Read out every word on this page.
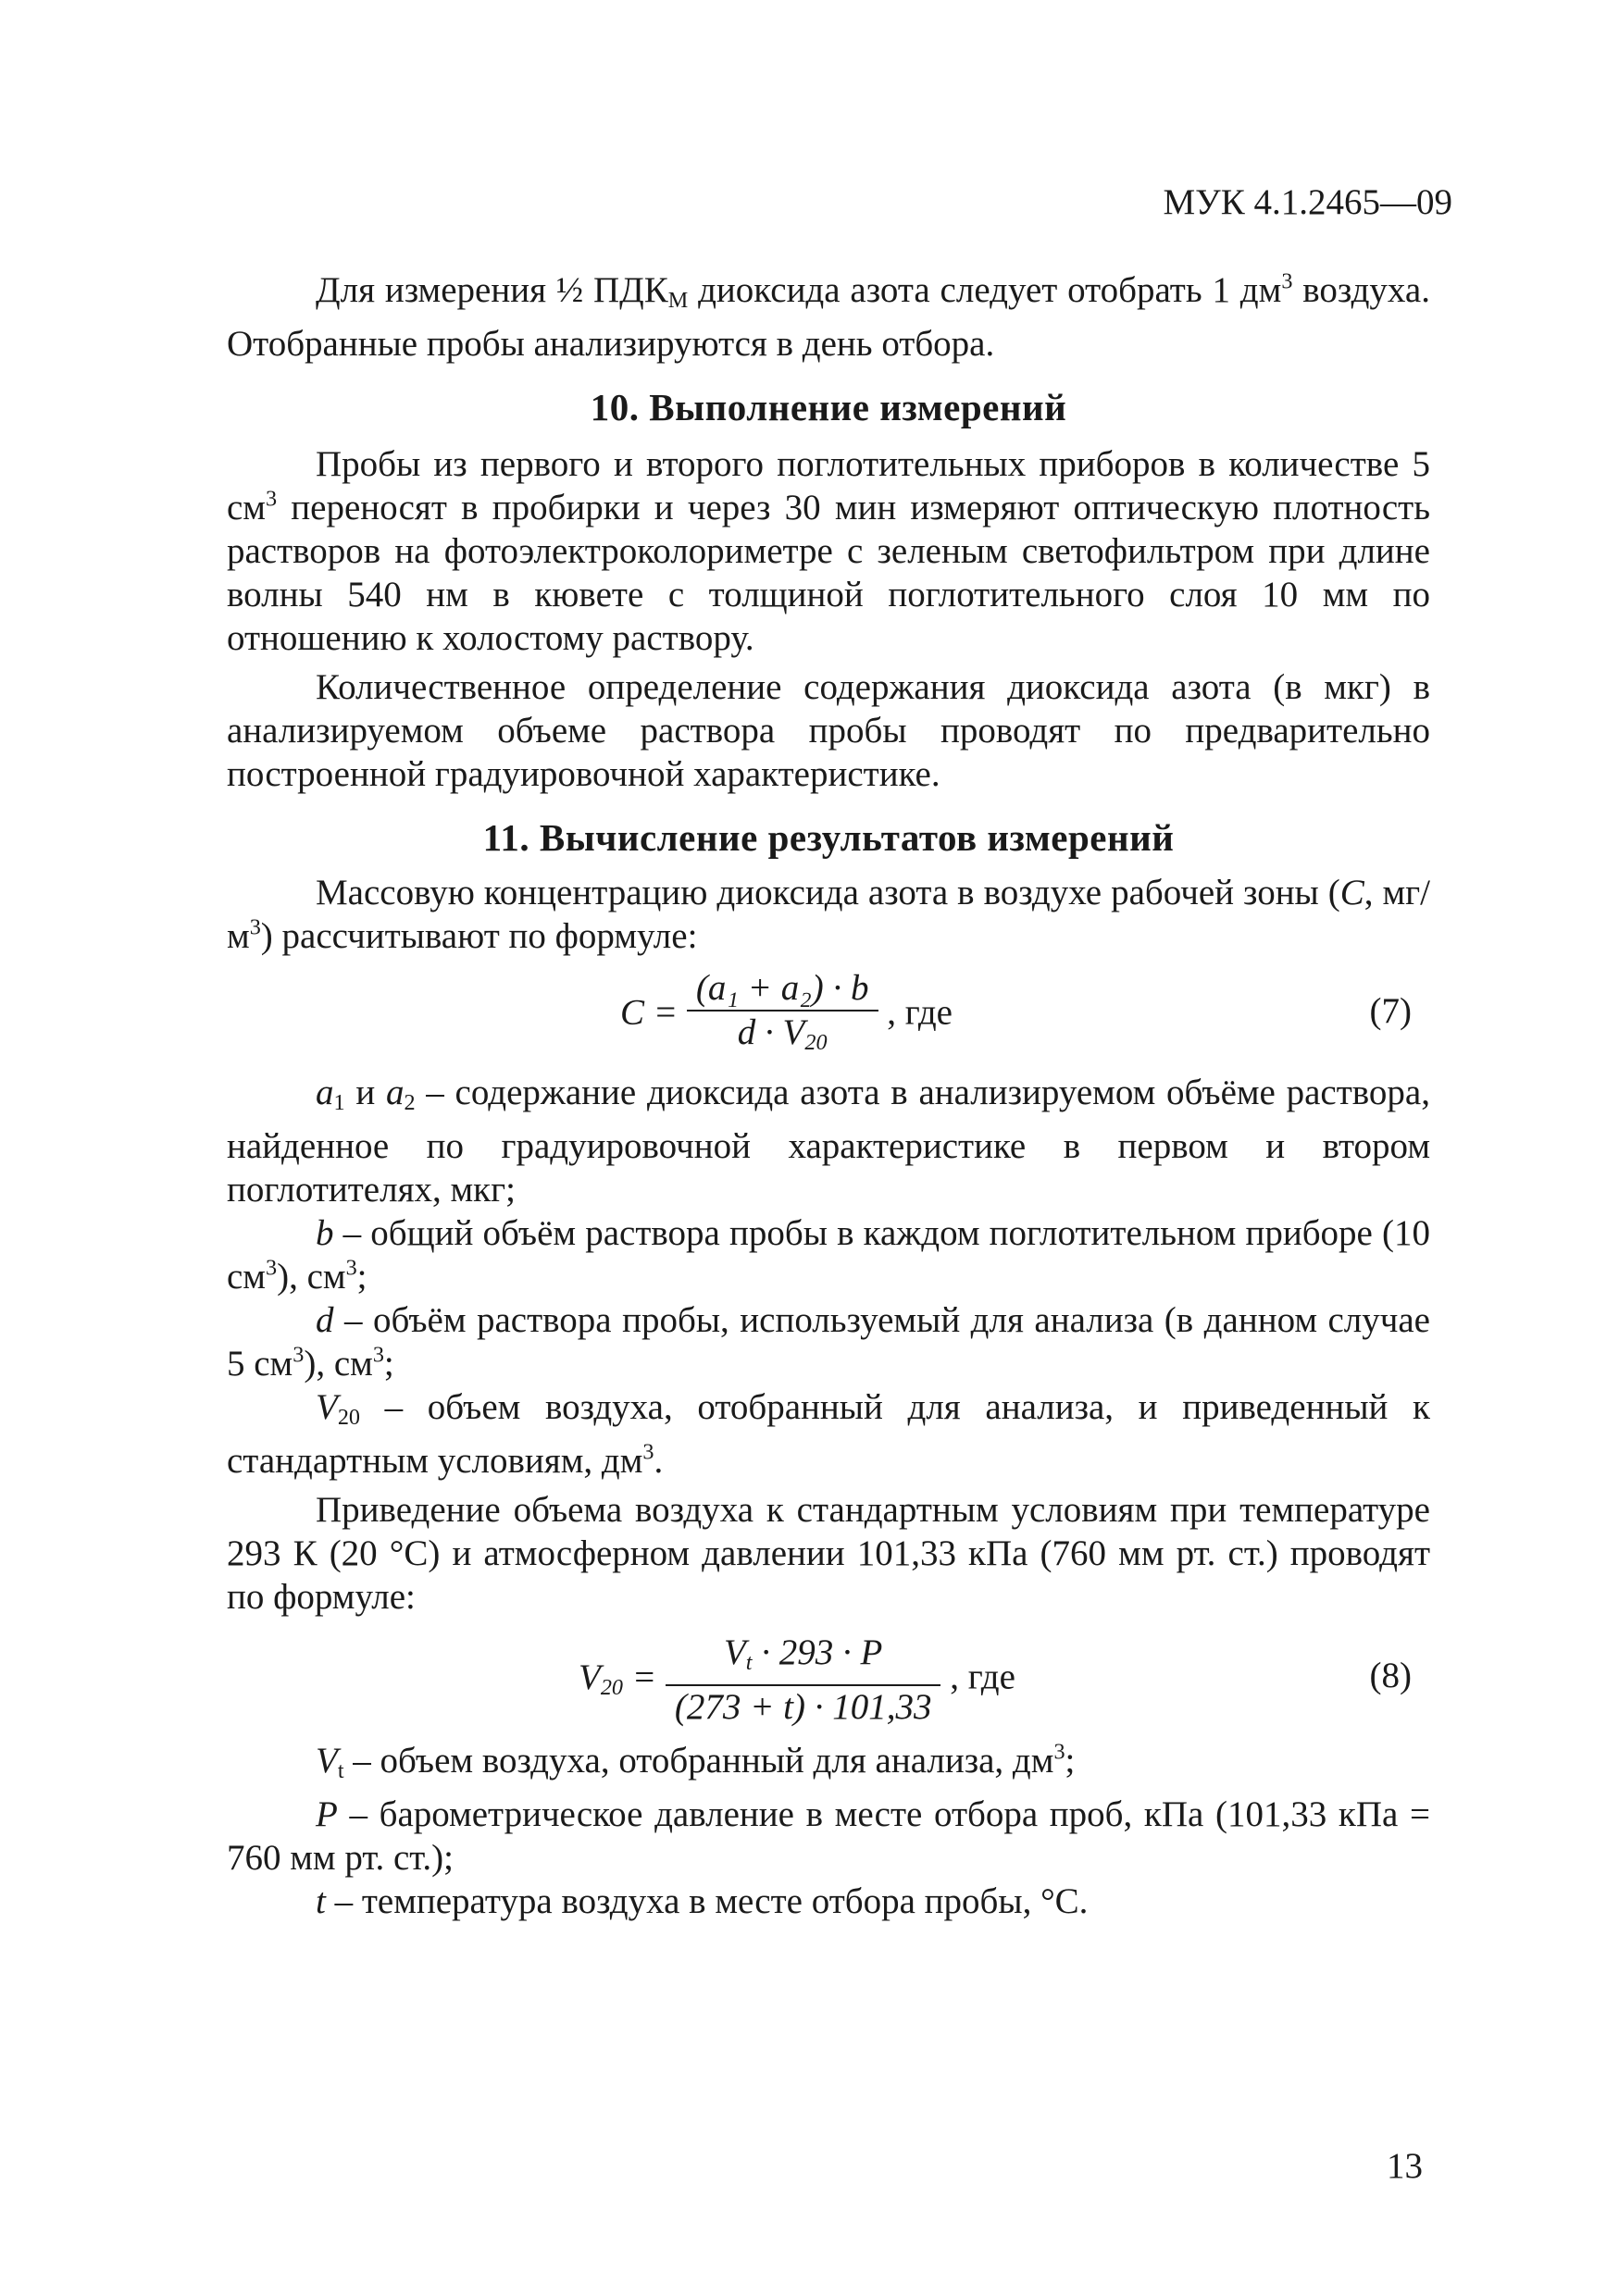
МУК 4.1.2465—09

Для измерения ½ $ПДК_М$ диоксида азота следует отобрать 1 $дм^3$ воздуха. Отобранные пробы анализируются в день отбора.

10. Выполнение измерений

Пробы из первого и второго поглотительных приборов в количестве 5 $см^3$ переносят в пробирки и через 30 мин измеряют оптическую плотность растворов на фотоэлектроколориметре с зеленым светофильтром при длине волны 540 нм в кювете с толщиной поглотительного слоя 10 мм по отношению к холостому раствору.

Количественное определение содержания диоксида азота (в мкг) в анализируемом объеме раствора пробы проводят по предварительно построенной градуировочной характеристике.

11. Вычисление результатов измерений

Массовую концентрацию диоксида азота в воздухе рабочей зоны (C, $мг/м^3$) рассчитывают по формуле:

$C = \frac{\text{(a₁ + a₂) · b}}{d \cdot V_{20}}$ , где	(7)

$a_1$ и $a_2$ – содержание диоксида азота в анализируемом объёме раствора, найденное по градуировочной характеристике в первом и втором поглотителях, мкг;

b – общий объём раствора пробы в каждом поглотительном приборе (10 $см^3$), $см^3$;

d – объём раствора пробы, используемый для анализа (в данном случае 5 $см^3$), $см^3$;

$V_{20}$ – объем воздуха, отобранный для анализа, и приведенный к стандартным условиям, $дм^3$.

Приведение объема воздуха к стандартным условиям при температуре 293 К (20 °С) и атмосферном давлении 101,33 кПа (760 мм рт. ст.) проводят по формуле:

$V_{20} = \frac{V_t \cdot 293 \cdot P}{(273 + t) \cdot 101,33}$ , где	(8)

$V_t$ – объем воздуха, отобранный для анализа, $дм^3$;

P – барометрическое давление в месте отбора проб, кПа (101,33 кПа = 760 мм рт. ст.);

t – температура воздуха в месте отбора пробы, °С.

13
